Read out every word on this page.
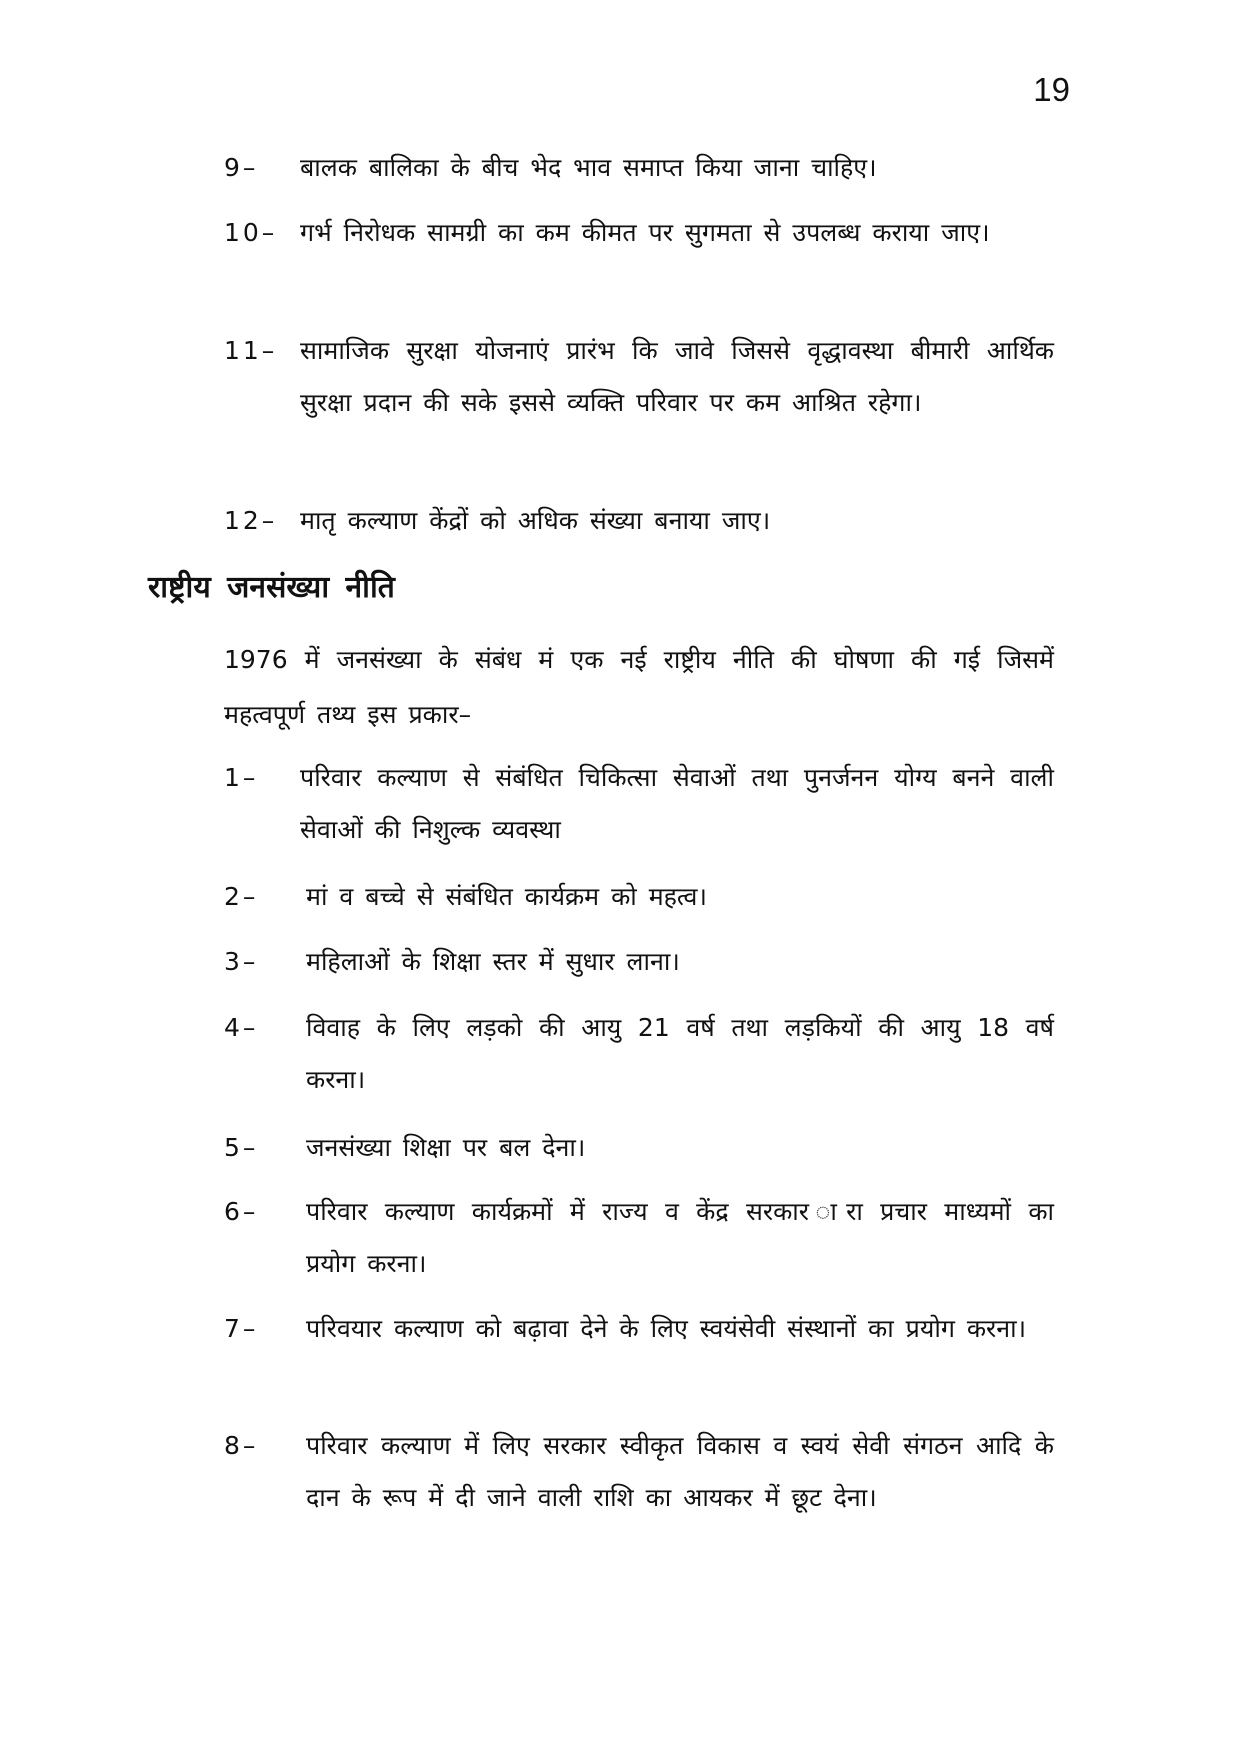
19
9– बालक बालिका के बीच भेद भाव समाप्त किया जाना चाहिए।
10– गर्भ निरोधक सामग्री का कम कीमत पर सुगमता से उपलब्ध कराया जाए।
11– सामाजिक सुरक्षा योजनाएं प्रारंभ कि जावे जिससे वृद्धावस्था बीमारी आर्थिक सुरक्षा प्रदान की सके इससे व्यक्ति परिवार पर कम आश्रित रहेगा।
12– मातृ कल्याण केंद्रों को अधिक संख्या बनाया जाए।
राष्ट्रीय जनसंख्या नीति
1976 में जनसंख्या के संबंध मं एक नई राष्ट्रीय नीति की घोषणा की गई जिसमें महत्वपूर्ण तथ्य इस प्रकार–
1– परिवार कल्याण से संबंधित चिकित्सा सेवाओं तथा पुनर्जनन योग्य बनने वाली सेवाओं की निशुल्क व्यवस्था
2– मां व बच्चे से संबंधित कार्यक्रम को महत्व।
3– महिलाओं के शिक्षा स्तर में सुधार लाना।
4– विवाह के लिए लड़को की आयु 21 वर्ष तथा लड़कियों की आयु 18 वर्ष करना।
5– जनसंख्या शिक्षा पर बल देना।
6– परिवार कल्याण कार्यक्रमों में राज्य व केंद्र सरकार ारा प्रचार माध्यमों का प्रयोग करना।
7– परिवयार कल्याण को बढ़ावा देने के लिए स्वयंसेवी संस्थानों का प्रयोग करना।
8– परिवार कल्याण में लिए सरकार स्वीकृत विकास व स्वयं सेवी संगठन आदि के दान के रूप में दी जाने वाली राशि का आयकर में छूट देना।
